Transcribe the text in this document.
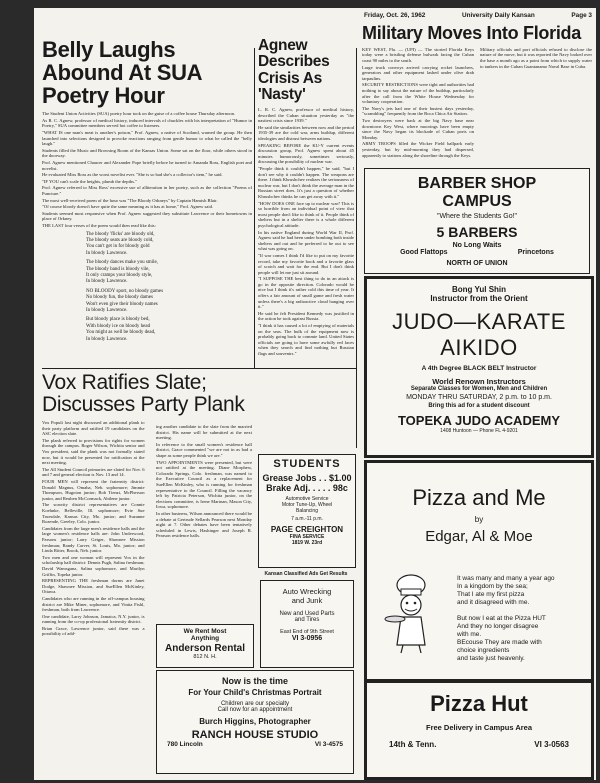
Friday, Oct. 26, 1962	University Daily Kansan	Page 3
Belly Laughs Abound At SUA Poetry Hour

The Student Union Activities (SUA) poetry hour took on the guise of a coffee house Thursday afternoon.

As R. C. Agnew, professor of medical history, induced intervals of chuckles with his interpretation of "Humor in Poetry," SUA committee members served hot coffee to listeners.

"WHAT IS one man's meat is another's poison," Prof. Agnew, a native of Scotland, warned the group. He then launched into selections designed to provoke reactions ranging from gentle humor to what he called the "belly laugh."

Students filled the Music and Browsing Room of the Kansas Union. Some sat on the floor, while others stood in the doorway.

Prof. Agnew mentioned Chaucer and Alexander Pope briefly before he turned to Amanda Ross, English poet and novelist.

He evaluated Miss Ross as the worst novelist ever. "She is so bad she's a collector's item," he said.

"IF YOU can't scale the heights, plumb the depths."

Prof. Agnew referred to Miss Ross' excessive use of alliteration in her poetry, such as the collection "Poems of Puncture."

The most well-received poem of the hour was "The Bloody Orkneys" by Captain Hamish Blair.

"Of course bloody doesn't have quite the same meaning as it has at home," Prof. Agnew said.

Students seemed most responsive when Prof. Agnew suggested they substitute Lawrence or their hometowns in place of Orkney.

THE LAST four verses of the poem would then read like this:

The bloody 'flicks' are bloody old,
The bloody seats are bloody cold,
You can't get in for bloody gold
In bloody Lawrence.

The bloody dances make you smile,
The bloody band is bloody vile,
It only cramps your bloody style,
In bloody Lawrence.

NO BLOODY sport, no bloody games
No bloody fun, the bloody dames
Won't even give their bloody names
In bloody Lawrence.

But bloody place is bloody bed,
With bloody ice on bloody head
You might as well be bloody dead,
In bloody Lawrence.

Agnew Describes Crisis As 'Nasty'

L. R. C. Agnew, professor of medical history, described the Cuban situation yesterday as "the nastiest crisis since 1939."

He said the similarities between now and the period 1935-39 are the cold war, arms buildup, different ideologies and distrust between nations.

SPEAKING BEFORE the KU-Y current events discussion group, Prof. Agnew spent about 45 minutes humorously, sometimes seriously, discussing the possibility of nuclear war.

"People think it couldn't happen," he said, "but I don't see why it couldn't happen. The weapons are there. I think Khrushchev realizes the seriousness of nuclear war, but I don't think the average man in the Russian street does. It's just a question of whether Khrushchev thinks he can get away with it."

"HOW DOES ONE face up to nuclear war? This is so horrible from an individual point of view that most people don't like to think of it. People think of shelters but in a shelter there is a whole different psychological attitude.

In his native England during World War II, Prof. Agnew said he had been under bombing both inside shelters and out and he preferred to be out to see what was going on.

"If war comes I think I'd like to put on my favorite record, take my favorite book and a favorite glass of scotch and wait for the end. But I don't think people will let me just sit around.

"I SUPPOSE THE best thing to do in an attack is go in the opposite direction. Colorado would be nice but I think it's rather cold this time of year. It offers a fair amount of small game and fresh water unless there's a big radioactive cloud hanging over it."

He said he felt President Kennedy was justified in the action he took against Russia.

"I think it has caused a lot of emptying of materials on the seas. The bulk of the equipment now is probably going back to commie land. United States officials are going to have some awfully red faces when they search and find nothing but Russian flags and souvenirs."

Military Moves Into Florida

KEY WEST, Fla. — (UPI) — The storied Florida Keys today were a bristling defense bulwark facing the Cuban coast 90 miles to the south.

Large truck convoys arrived carrying rocket launchers, generators and other equipment lashed under olive drab tarpaulins.

SECURITY RESTRICTIONS were tight and authorities had nothing to say about the nature of the buildup, particularly after the call from the White House Wednesday for voluntary cooperation.

The Navy's jets had one of their busiest days yesterday, "scrambling" frequently from the Boca Chica Air Station.

Two destroyers were back at the big Navy base near downtown Key West, where moorings have been empty since the Navy began its blockade of Cuban ports on Monday.

ARMY TROOPS filled the Wicker Field ballpark early yesterday, but by mid-morning they had dispersed, apparently to stations along the shoreline through the Keys.

Military officials and port officials refused to disclose the nature of the move, but it was reported the Navy looked over the base a month ago as a point from which to supply water to tankers in the Cuban Guantanamo Naval Base in Cuba.

BARBER SHOP
CAMPUS
"Where the Students Go!"
5 BARBERS
No Long Waits
Good Flattops	Princetons
NORTH OF UNION
Bong Yul Shin
Instructor from the Orient
JUDO—KARATE
AIKIDO
A 4th Degree BLACK BELT Instructor
World Renown Instructors
Separate Classes for Women, Men and Children
MONDAY THRU SATURDAY, 2 p.m. to 10 p.m.
Bring this ad for a student discount
TOPEKA JUDO ACADEMY
1408 Huntoon — Phone FL 4-9201
Vox Ratifies Slate; Discusses Party Plank

Vox Populi last night discussed an additional plank to their party platform and ratified 19 candidates on the ASC election slate.

The plank referred to provisions for rights for women through the campus. Roger Wilson, Wichita senior and Vox president, said the plank was not formally stated now, but it would be presented for ratification at the next meeting.

The All Student Council primaries are slated for Nov. 6 and 7 and general election is Nov. 13 and 14.

FOUR MEN will represent the fraternity district: Donald Magnus, Omaha, Neb. sophomore; Jimmie Thompson, Hugoton junior; Bob Tienzi, McPherson junior, and Reuben McCormack, Abilene junior.

The sorority district representatives are Connie Koehnke, Belleville, Ill. sophomore; Evie Sue Truesdale, Kansas City, Mo. junior; and Suzanne Rozende, Greeley, Colo. junior.

Candidates from the large men's residence halls and the large women's residence halls are: John Underwood, Parsons junior; Larry Geiger, Shawnee Mission freshman; Randy Carver, St. Louis, Mo. junior; and Linda Ritter, Brook, Neb. junior.

Two men and one woman will represent Vox in the scholarship hall district: Dennis Pugh, Salina freshman; David Wamsganz, Salina sophomore, and Marilyn Griffin, Topeka junior.

REPRESENTING THE freshman dorms are Janet Dodge, Shawnee Mission, and SueEllen McKinley, Ottawa.

Candidates who are running in the off-campus housing district are Mike Miner, sophomore, and Vinita Fishl, freshman, both from Lawrence.

One candidate, Larry Johnson, Jamaica, N.Y. junior, is running from the co-op professional fraternity district.

Brian Grace, Lawrence junior, said there was a possibility of add-

ing another candidate to the slate from the married district. His name will be submitted at the next meeting.

In reference to the small women's residence hall district, Grace commented "we are not in as bad a shape as some people think we are."

TWO APPOINTMENTS were presented, but were not ratified at the meeting. Diane Morphew, Colorado Springs, Colo. freshman, was named to the Executive Council as a replacement for SueEllen McKinley, who is running for freshman representative to the Council. Filling the vacancy left by Patricia Peterson, Wichita junior, on the elections committee, is Irene Marinan, Mason City, Iowa, sophomore.

In other business, Wilson announced there would be a debate at Gertrude Sellards Pearson next Monday night at 7. Other debates have been tentatively scheduled in Lewis, Hashinger and Joseph R. Pearson residence halls.

STUDENTS
Grease Jobs . . $1.00
Brake Adj. . . . . 98c
Automotive Service
Motor Tune-Up, Wheel
Balancing
7 a.m.-11 p.m.
PAGE CREIGHTON
FINA SERVICE
1819 W. 23rd
Kansan Classified Ads Get Results
Auto Wrecking
and Junk
New and Used Parts
and Tires
East End of 9th Street
VI 3-0956
We Rent Most
Anything
Anderson Rental
812 N. H.
Now is the time
For Your Child's Christmas Portrait
Children are our specialty
Call now for an appointment
Burch Higgins, Photographer
RANCH HOUSE STUDIO
780 Lincoln	VI 3-4575
Pizza and Me
by
Edgar, Al & Moe
It was many and many a year ago
In a kingdom by the sea;
That I ate my first pizza
and it disagreed with me.
But now I eat at the Pizza HUT
And they no longer disagree
with me.
BEcouse They are made with
choice ingredients
and taste just heavenly.
Pizza Hut
Free Delivery in Campus Area
14th & Tenn.	VI 3-0563
